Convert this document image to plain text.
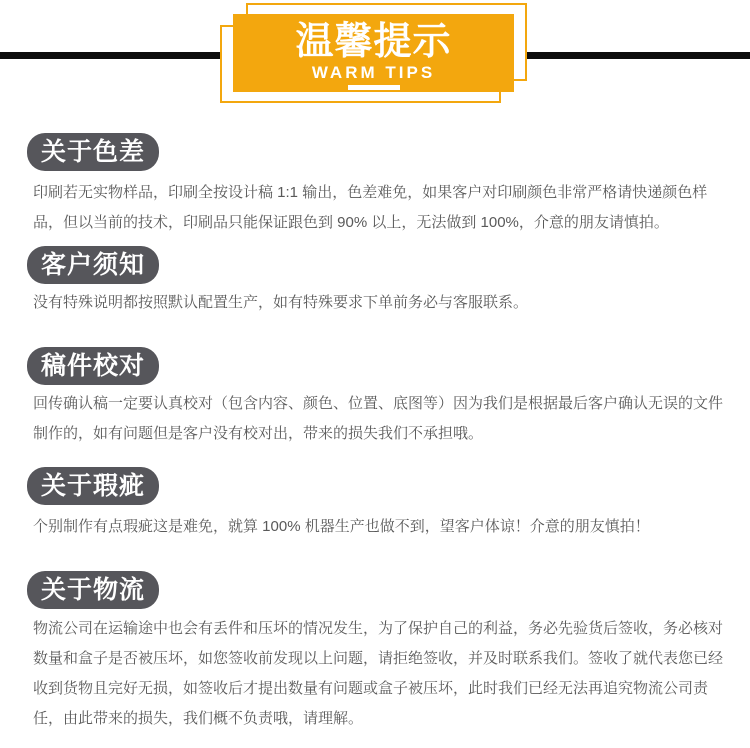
温馨提示
WARM TIPS
关于色差

印刷若无实物样品，印刷全按设计稿 1:1 输出，色差难免，如果客户对印刷颜色非常严格请快递颜色样品，但以当前的技术，印刷品只能保证跟色到 90% 以上，无法做到 100%，介意的朋友请慎拍。

客户须知

没有特殊说明都按照默认配置生产，如有特殊要求下单前务必与客服联系。

稿件校对

回传确认稿一定要认真校对（包含内容、颜色、位置、底图等）因为我们是根据最后客户确认无误的文件制作的，如有问题但是客户没有校对出，带来的损失我们不承担哦。

关于瑕疵

个别制作有点瑕疵这是难免，就算 100% 机器生产也做不到，望客户体谅！介意的朋友慎拍！

关于物流

物流公司在运输途中也会有丢件和压坏的情况发生，为了保护自己的利益，务必先验货后签收，务必核对数量和盒子是否被压坏，如您签收前发现以上问题，请拒绝签收，并及时联系我们。签收了就代表您已经收到货物且完好无损，如签收后才提出数量有问题或盒子被压坏，此时我们已经无法再追究物流公司责任，由此带来的损失，我们概不负责哦，请理解。
